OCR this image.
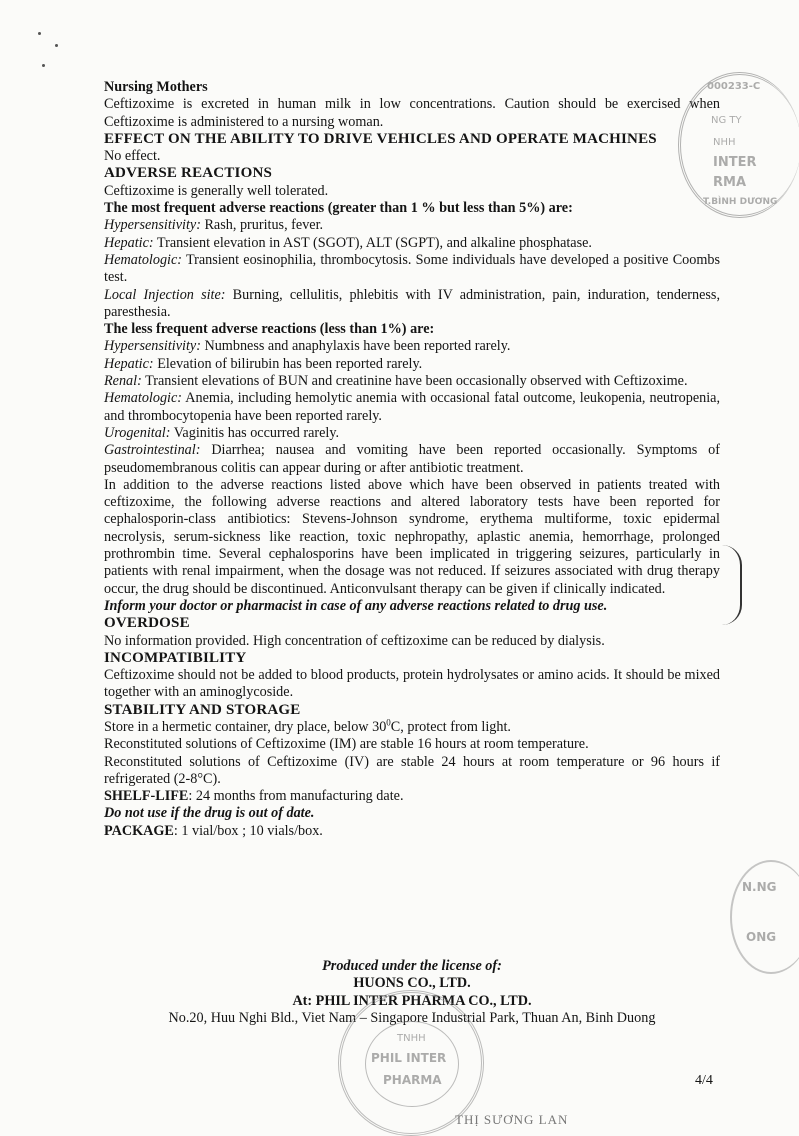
Nursing Mothers
Ceftizoxime is excreted in human milk in low concentrations. Caution should be exercised when Ceftizoxime is administered to a nursing woman.
EFFECT ON THE ABILITY TO DRIVE VEHICLES AND OPERATE MACHINES
No effect.
ADVERSE REACTIONS
Ceftizoxime is generally well tolerated.
The most frequent adverse reactions (greater than 1 % but less than 5%) are:
Hypersensitivity: Rash, pruritus, fever.
Hepatic: Transient elevation in AST (SGOT), ALT (SGPT), and alkaline phosphatase.
Hematologic: Transient eosinophilia, thrombocytosis. Some individuals have developed a positive Coombs test.
Local Injection site: Burning, cellulitis, phlebitis with IV administration, pain, induration, tenderness, paresthesia.
The less frequent adverse reactions (less than 1%) are:
Hypersensitivity: Numbness and anaphylaxis have been reported rarely.
Hepatic: Elevation of bilirubin has been reported rarely.
Renal: Transient elevations of BUN and creatinine have been occasionally observed with Ceftizoxime.
Hematologic: Anemia, including hemolytic anemia with occasional fatal outcome, leukopenia, neutropenia, and thrombocytopenia have been reported rarely.
Urogenital: Vaginitis has occurred rarely.
Gastrointestinal: Diarrhea; nausea and vomiting have been reported occasionally. Symptoms of pseudomembranous colitis can appear during or after antibiotic treatment.
In addition to the adverse reactions listed above which have been observed in patients treated with ceftizoxime, the following adverse reactions and altered laboratory tests have been reported for cephalosporin-class antibiotics: Stevens-Johnson syndrome, erythema multiforme, toxic epidermal necrolysis, serum-sickness like reaction, toxic nephropathy, aplastic anemia, hemorrhage, prolonged prothrombin time. Several cephalosporins have been implicated in triggering seizures, particularly in patients with renal impairment, when the dosage was not reduced. If seizures associated with drug therapy occur, the drug should be discontinued. Anticonvulsant therapy can be given if clinically indicated.
Inform your doctor or pharmacist in case of any adverse reactions related to drug use.
OVERDOSE
No information provided. High concentration of ceftizoxime can be reduced by dialysis.
INCOMPATIBILITY
Ceftizoxime should not be added to blood products, protein hydrolysates or amino acids. It should be mixed together with an aminoglycoside.
STABILITY AND STORAGE
Store in a hermetic container, dry place, below $30^0C$, protect from light.
Reconstituted solutions of Ceftizoxime (IM) are stable 16 hours at room temperature.
Reconstituted solutions of Ceftizoxime (IV) are stable 24 hours at room temperature or 96 hours if refrigerated (2-8°C).
SHELF-LIFE: 24 months from manufacturing date.
Do not use if the drug is out of date.
PACKAGE: 1 vial/box ; 10 vials/box.
Produced under the license of:
HUONS CO., LTD.
At: PHIL INTER PHARMA CO., LTD.
No.20, Huu Nghi Bld., Viet Nam – Singapore Industrial Park, Thuan An, Binh Duong
4/4
000233-C
NG TY
NHH
INTER
RMA
T.BÌNH DƯƠNG
TNHH
PHIL INTER
PHARMA
N.NG
ONG
THỊ SƯƠNG LAN
